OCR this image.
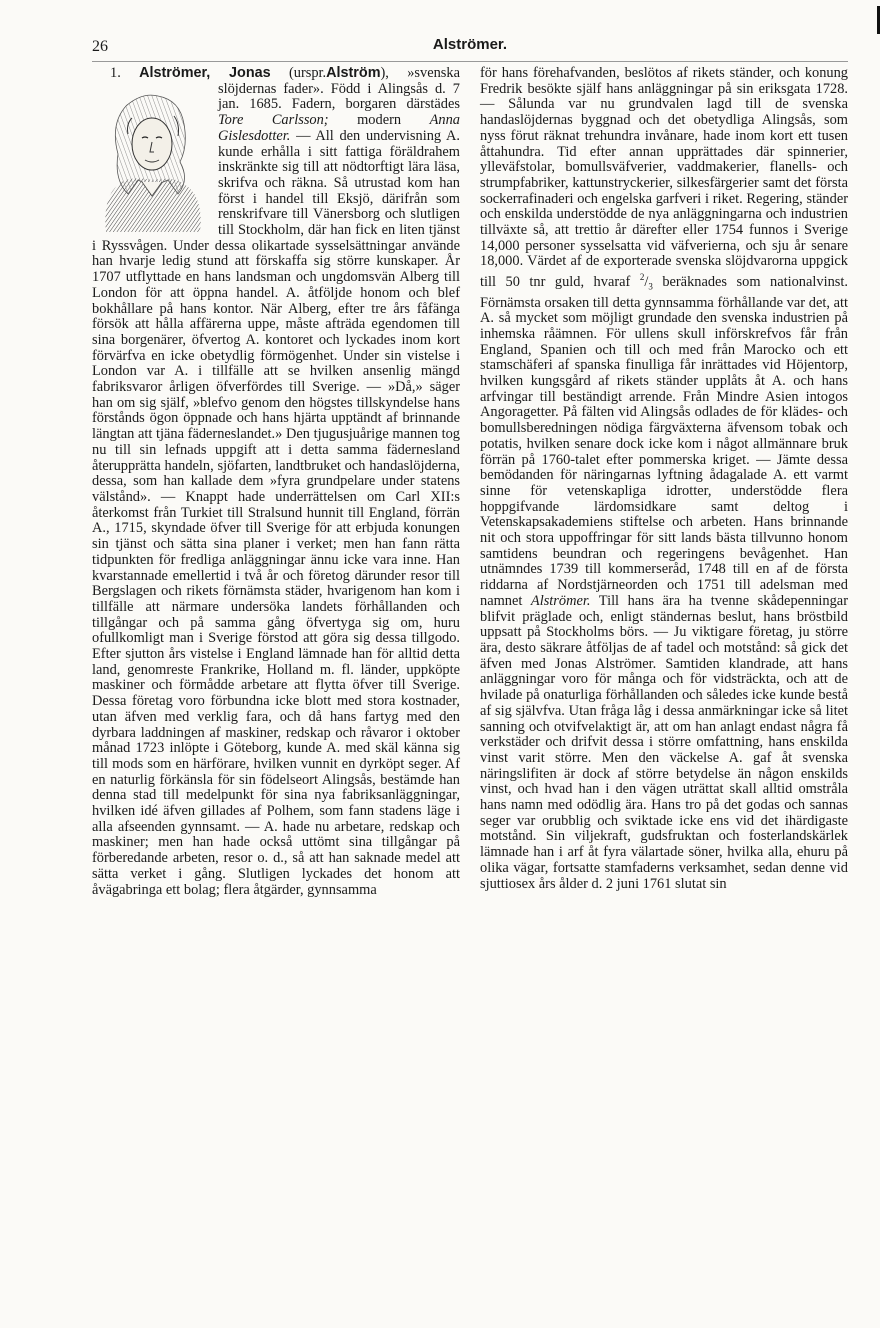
26	Alströmer.

1. Alströmer, Jonas (urspr.Alström), »svenska slöjdernas fader». Född i Alingsås d. 7 jan. 1685. Fadern, borgaren därstädes Tore Carlsson; modern Anna Gislesdotter. — All den undervisning A. kunde erhålla i sitt fattiga föräldrahem inskränkte sig till att nödtorftigt lära läsa, skrifva och räkna. Så utrustad kom han först i handel till Eksjö, därifrån som renskrifvare till Vänersborg och slutligen till Stockholm, där han fick en liten tjänst i Ryssvågen. Under dessa olikartade sysselsättningar använde han hvarje ledig stund att förskaffa sig större kunskaper. År 1707 utflyttade en hans landsman och ungdomsvän Alberg till London för att öppna handel. A. åtföljde honom och blef bokhållare på hans kontor. När Alberg, efter tre års fåfänga försök att hålla affärerna uppe, måste afträda egendomen till sina borgenärer, öfvertog A. kontoret och lyckades inom kort förvärfva en icke obetydlig förmögenhet. Under sin vistelse i London var A. i tillfälle att se hvilken ansenlig mängd fabriksvaror årligen öfverfördes till Sverige. — »Då,» säger han om sig själf, »blefvo genom den högstes tillskyndelse hans förstånds ögon öppnade och hans hjärta upptändt af brinnande längtan att tjäna fäderneslandet.» Den tjugusjuårige mannen tog nu till sin lefnads uppgift att i detta samma fädernesland återupprätta handeln, sjöfarten, landtbruket och handaslöjderna, dessa, som han kallade dem »fyra grundpelare under statens välstånd». — Knappt hade underrättelsen om Carl XII:s återkomst från Turkiet till Stralsund hunnit till England, förrän A., 1715, skyndade öfver till Sverige för att erbjuda konungen sin tjänst och sätta sina planer i verket; men han fann rätta tidpunkten för fredliga anläggningar ännu icke vara inne. Han kvarstannade emellertid i två år och företog därunder resor till Bergslagen och rikets förnämsta städer, hvarigenom han kom i tillfälle att närmare undersöka landets förhållanden och tillgångar och på samma gång öfvertyga sig om, huru ofullkomligt man i Sverige förstod att göra sig dessa tillgodo. Efter sjutton års vistelse i England lämnade han för alltid detta land, genomreste Frankrike, Holland m. fl. länder, uppköpte maskiner och förmådde arbetare att flytta öfver till Sverige. Dessa företag voro förbundna icke blott med stora kostnader, utan äfven med verklig fara, och då hans fartyg med den dyrbara laddningen af maskiner, redskap och råvaror i oktober månad 1723 inlöpte i Göteborg, kunde A. med skäl känna sig till mods som en härförare, hvilken vunnit en dyrköpt seger. Af en naturlig förkänsla för sin födelseort Alingsås, bestämde han denna stad till medelpunkt för sina nya fabriksanläggningar, hvilken idé äfven gillades af Polhem, som fann stadens läge i alla afseenden gynnsamt. — A. hade nu arbetare, redskap och maskiner; men han hade också uttömt sina tillgångar på förberedande arbeten, resor o. d., så att han saknade medel att sätta verket i gång. Slutligen lyckades det honom att åvägabringa ett bolag; flera åtgärder, gynnsamma

för hans förehafvanden, beslötos af rikets ständer, och konung Fredrik besökte själf hans anläggningar på sin eriksgata 1728. — Sålunda var nu grundvalen lagd till de svenska handaslöjdernas byggnad och det obetydliga Alingsås, som nyss förut räknat trehundra invånare, hade inom kort ett tusen åttahundra. Tid efter annan upprättades där spinnerier, ylleväfstolar, bomullsväfverier, vaddmakerier, flanells- och strumpfabriker, kattunstryckerier, silkesfärgerier samt det första sockerrafinaderi och engelska garfveri i riket. Regering, ständer och enskilda understödde de nya anläggningarna och industrien tillväxte så, att trettio år därefter eller 1754 funnos i Sverige 14,000 personer sysselsatta vid väfverierna, och sju år senare 18,000. Värdet af de exporterade svenska slöjdvarorna uppgick till 50 tnr guld, hvaraf $^2/_3$ beräknades som nationalvinst. Förnämsta orsaken till detta gynnsamma förhållande var det, att A. så mycket som möjligt grundade den svenska industrien på inhemska råämnen. För ullens skull införskrefvos får från England, Spanien och till och med från Marocko och ett stamschäferi af spanska finulliga får inrättades vid Höjentorp, hvilken kungsgård af rikets ständer upplåts åt A. och hans arfvingar till beständigt arrende. Från Mindre Asien intogos Angoragetter. På fälten vid Alingsås odlades de för klädes- och bomullsberedningen nödiga färgväxterna äfvensom tobak och potatis, hvilken senare dock icke kom i något allmännare bruk förrän på 1760-talet efter pommerska kriget. — Jämte dessa bemödanden för näringarnas lyftning ådagalade A. ett varmt sinne för vetenskapliga idrotter, understödde flera hoppgifvande lärdomsidkare samt deltog i Vetenskapsakademiens stiftelse och arbeten. Hans brinnande nit och stora uppoffringar för sitt lands bästa tillvunno honom samtidens beundran och regeringens bevågenhet. Han utnämndes 1739 till kommerseråd, 1748 till en af de första riddarna af Nordstjärneorden och 1751 till adelsman med namnet Alströmer. Till hans ära ha tvenne skådepenningar blifvit präglade och, enligt ständernas beslut, hans bröstbild uppsatt på Stockholms börs. — Ju viktigare företag, ju större ära, desto säkrare åtföljas de af tadel och motstånd: så gick det äfven med Jonas Alströmer. Samtiden klandrade, att hans anläggningar voro för många och för vidsträckta, och att de hvilade på onaturliga förhållanden och således icke kunde bestå af sig självfva. Utan fråga låg i dessa anmärkningar icke så litet sanning och otvifvelaktigt är, att om han anlagt endast några få verkstäder och drifvit dessa i större omfattning, hans enskilda vinst varit större. Men den väckelse A. gaf åt svenska näringslifiten är dock af större betydelse än någon enskilds vinst, och hvad han i den vägen uträttat skall alltid omstråla hans namn med odödlig ära. Hans tro på det godas och sannas seger var orubblig och sviktade icke ens vid det ihärdigaste motstånd. Sin viljekraft, gudsfruktan och fosterlandskärlek lämnade han i arf åt fyra välartade söner, hvilka alla, ehuru på olika vägar, fortsatte stamfaderns verksamhet, sedan denne vid sjuttiosex års ålder d. 2 juni 1761 slutat sin
